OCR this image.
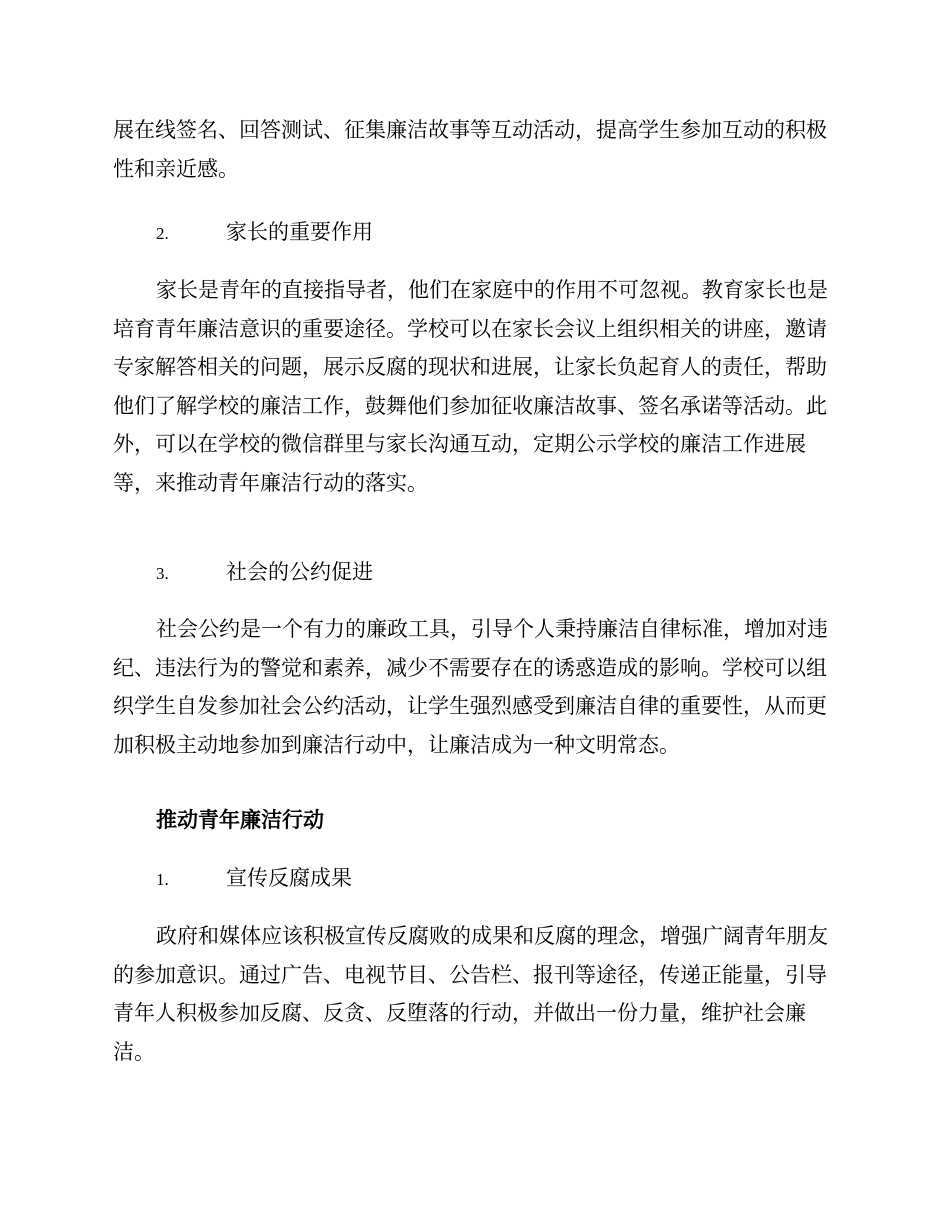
展在线签名、回答测试、征集廉洁故事等互动活动，提高学生参加互动的积极性和亲近感。

2.	家长的重要作用

家长是青年的直接指导者，他们在家庭中的作用不可忽视。教育家长也是培育青年廉洁意识的重要途径。学校可以在家长会议上组织相关的讲座，邀请专家解答相关的问题，展示反腐的现状和进展，让家长负起育人的责任，帮助他们了解学校的廉洁工作，鼓舞他们参加征收廉洁故事、签名承诺等活动。此外，可以在学校的微信群里与家长沟通互动，定期公示学校的廉洁工作进展等，来推动青年廉洁行动的落实。

3.	社会的公约促进

社会公约是一个有力的廉政工具，引导个人秉持廉洁自律标准，增加对违纪、违法行为的警觉和素养，减少不需要存在的诱惑造成的影响。学校可以组织学生自发参加社会公约活动，让学生强烈感受到廉洁自律的重要性，从而更加积极主动地参加到廉洁行动中，让廉洁成为一种文明常态。

推动青年廉洁行动
1.	宣传反腐成果

政府和媒体应该积极宣传反腐败的成果和反腐的理念，增强广阔青年朋友的参加意识。通过广告、电视节目、公告栏、报刊等途径，传递正能量，引导青年人积极参加反腐、反贪、反堕落的行动，并做出一份力量，维护社会廉洁。
